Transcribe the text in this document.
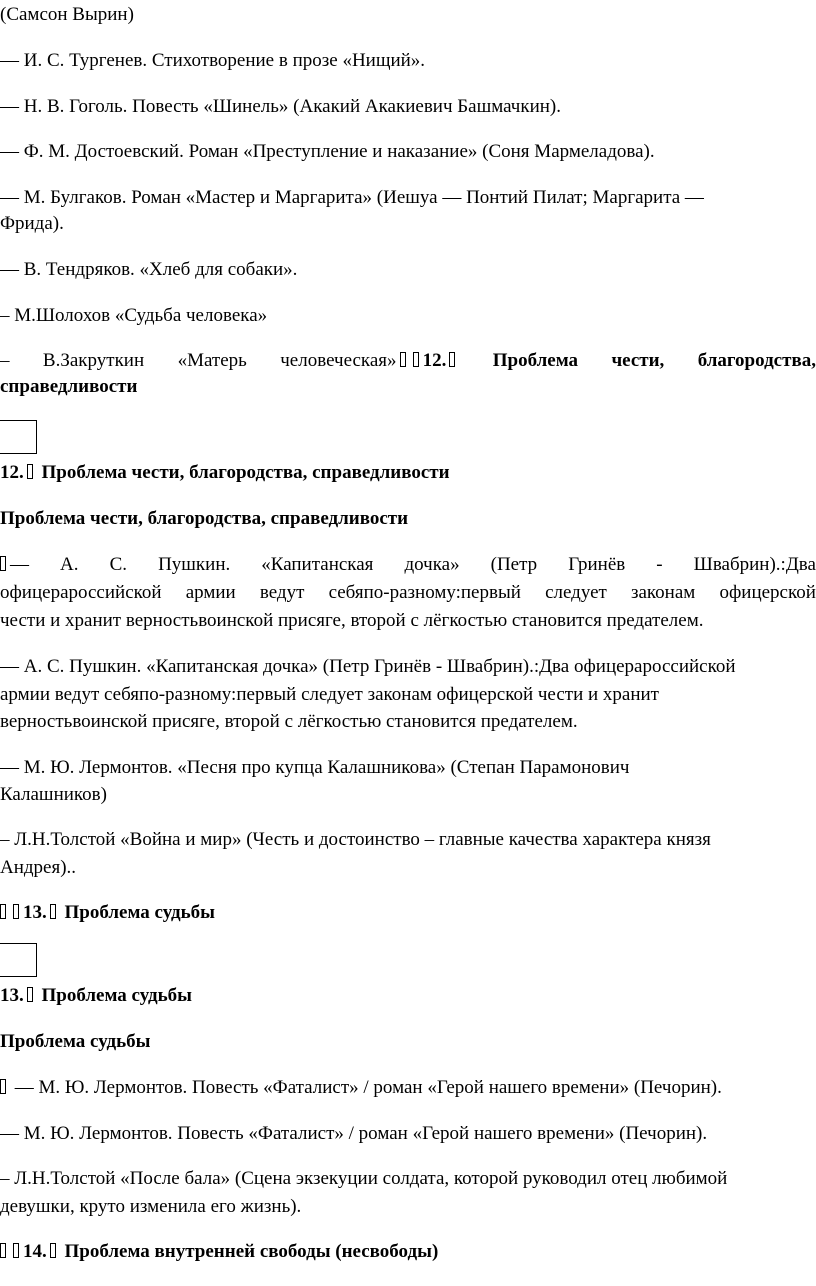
(Самсон Вырин)

— И. С. Тургенев. Стихотворение в прозе «Нищий».

— Н. В. Гоголь. Повесть «Шинель» (Акакий Акакиевич Башмачкин).

— Ф. М. Достоевский. Роман «Преступление и наказание» (Соня Мармеладова).

— М. Булгаков. Роман «Мастер и Маргарита» (Иешуа — Понтий Пилат; Маргарита —

Фрида).

— В. Тендряков. «Хлеб для собаки».

– М.Шолохов «Судьба человека»

– В.Закруткин «Матерь человеческая» 12.	Проблема чести, благородства,

справедливости

12. Проблема чести, благородства, справедливости

Проблема чести, благородства, справедливости

— А. С. Пушкин. «Капитанская дочка» (Петр Гринёв - Швабрин).:Два
офицерароссийской армии ведут себяпо-разному:первый следует законам офицерской

чести и хранит верностьвоинской присяге, второй с лёгкостью становится предателем.

— А. С. Пушкин. «Капитанская дочка» (Петр Гринёв - Швабрин).:Два офицерароссийской

армии ведут себяпо-разному:первый следует законам офицерской чести и хранит

верностьвоинской присяге, второй с лёгкостью становится предателем.

— М. Ю. Лермонтов. «Песня про купца Калашникова» (Степан Парамонович

Калашников)

– Л.Н.Толстой «Война и мир» (Честь и достоинство – главные качества характера князя

Андрея)..

13. Проблема судьбы

13. Проблема судьбы

Проблема судьбы

— М. Ю. Лермонтов. Повесть «Фаталист» / роман «Герой нашего времени» (Печорин).

— М. Ю. Лермонтов. Повесть «Фаталист» / роман «Герой нашего времени» (Печорин).

– Л.Н.Толстой «После бала» (Сцена экзекуции солдата, которой руководил отец любимой

девушки, круто изменила его жизнь).

14. Проблема внутренней свободы (несвободы)
